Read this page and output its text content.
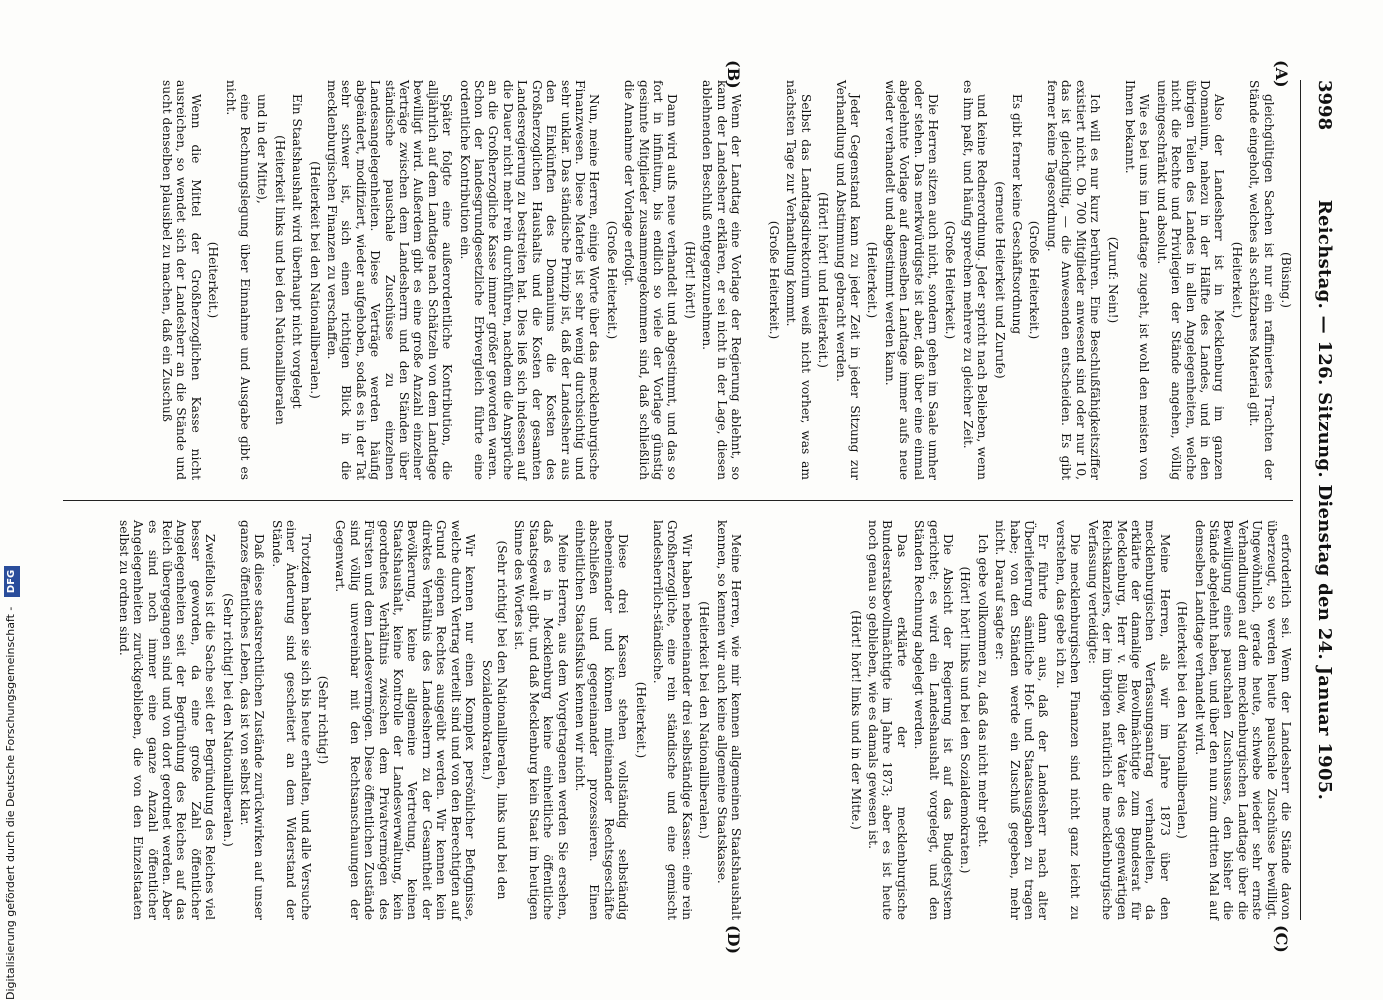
3998
Reichstag. — 126. Sitzung. Dienstag den 24. Januar 1905.
(A)
(B)
(C)
(D)

(Büsing.)

gleichgültigen Sachen ist nur ein raffiniertes Trachten der Stände eingeholt, welches als schätzbares Material gilt.

(Heiterkeit.)

Also der Landesherr ist in Mecklenburg im ganzen Domanium, nahezu in der Hälfte des Landes, und in den übrigen Teilen des Landes in allen Angelegenheiten, welche nicht die Rechte und Privilegien der Stände angehen, völlig uneingeschränkt und absolut.

Wie es bei uns im Landtage zugeht, ist wohl den meisten von Ihnen bekannt.

(Zuruf: Nein!)

Ich will es nur kurz berühren. Eine Beschlußfähigkeitsziffer existiert nicht. Ob 700 Mitglieder anwesend sind oder nur 10, das ist gleichgültig, — die Anwesenden entscheiden. Es gibt ferner keine Tagesordnung.

(Große Heiterkeit.)

Es gibt ferner keine Geschäftsordnung

(erneute Heiterkeit und Zurufe)

und keine Rednerordnung. Jeder spricht nach Belieben, wenn es ihm paßt, und häufig sprechen mehrere zu gleicher Zeit.

(Große Heiterkeit.)

Die Herren sitzen auch nicht, sondern gehen im Saale umher oder stehen. Das merkwürdigste ist aber, daß über eine einmal abgelehnte Vorlage auf demselben Landtage immer aufs neue wieder verhandelt und abgestimmt werden kann.

(Heiterkeit.)

Jeder Gegenstand kann zu jeder Zeit in jeder Sitzung zur Verhandlung und Abstimmung gebracht werden.

(Hört! hört! und Heiterkeit.)

Selbst das Landtagsdirektorium weiß nicht vorher, was am nächsten Tage zur Verhandlung kommt.

(Große Heiterkeit.)

erforderlich sei. Wenn der Landesherr die Stände davon überzeugt, so werden heute pauschale Zuschüsse bewilligt. Ungewöhnlich, gerade heute, schwebe wieder sehr ernste Verhandlungen auf dem mecklenburgischen Landtage über die Bewilligung eines pauschalen Zuschusses, den bisher die Stände abgelehnt haben, und über den nun zum dritten Mal auf demselben Landtage verhandelt wird.

(Heiterkeit bei den Nationalliberalen.)

Meine Herren, als wir im Jahre 1873 über den mecklenburgischen Verfassungsantrag verhandelten, da erklärte der damalige Bevollmächtigte zum Bundesrat für Mecklenburg, Herr v. Bülow, der Vater des gegenwärtigen Reichskanzlers, der im übrigen natürlich die mecklenburgische Verfassung verteidigte:

Die mecklenburgischen Finanzen sind nicht ganz leicht zu verstehen, das gebe ich zu.

Er führte dann aus, daß der Landesherr nach alter Überlieferung sämtliche Hof- und Staatsausgaben zu tragen habe; von den Ständen werde ein Zuschuß gegeben, mehr nicht. Darauf sagte er:

Ich gebe vollkommen zu, daß das nicht mehr geht.

(Hört! hört! links und bei den Sozialdemokraten.)

Die Absicht der Regierung ist auf das Budgetsystem gerichtet; es wird ein Landeshaushalt vorgelegt, und den Ständen Rechnung abgelegt werden.

Das erklärte der mecklenburgische Bundesratsbevollmächtigte im Jahre 1873; aber es ist heute noch genau so geblieben, wie es damals gewesen ist.

(Hört! hört! links und in der Mitte.)

Wenn der Landtag eine Vorlage der Regierung ablehnt, so kann der Landesherr erklären, er sei nicht in der Lage, diesen ablehnenden Beschluß entgegenzunehmen.

(Hört! hört!)

Dann wird aufs neue verhandelt und abgestimmt, und das so fort in infinitum, bis endlich so viele der Vorlage günstig gesinnte Mitglieder zusammengekommen sind, daß schließlich die Annahme der Vorlage erfolgt.

(Große Heiterkeit.)

Nun, meine Herren, einige Worte über das mecklenburgische Finanzwesen. Diese Materie ist sehr wenig durchsichtig und sehr unklar. Das ständische Prinzip ist, daß der Landesherr aus den Einkünften des Domaniums die Kosten des Großherzoglichen Haushalts und die Kosten der gesamten Landesregierung zu bestreiten hat. Dies ließ sich indessen auf die Dauer nicht mehr rein durchführen, nachdem die Ansprüche an die Großherzogliche Kasse immer größer geworden waren. Schon der landesgrundgesetzliche Erbvergleich führte eine ordentliche Kontribution ein.

Später folgte eine außerordentliche Kontribution, die alljährlich auf dem Landtage nach Schätzeln von dem Landtage bewilligt wird. Außerdem gibt es eine große Anzahl einzelner Verträge zwischen dem Landesherrn und den Ständen über ständische pauschale Zuschüsse zu einzelnen Landesangelegenheiten. Diese Verträge werden häufig abgeändert, modifiziert, wieder aufgehoben, sodaß es in der Tat sehr schwer ist, sich einen richtigen Blick in die mecklenburgischen Finanzen zu verschaffen.

(Heiterkeit bei den Nationalliberalen.)

Ein Staatshaushalt wird überhaupt nicht vorgelegt

(Heiterkeit links und bei den Nationalliberalen

und in der Mitte),

eine Rechnungslegung über Einnahme und Ausgabe gibt es nicht.

(Heiterkeit.)

Wenn die Mittel der Großherzoglichen Kasse nicht ausreichen, so wendet sich der Landesherr an die Stände und sucht denselben plausibel zu machen, daß ein Zuschuß

Meine Herren, wie mir kennen allgemeinen Staatshaushalt kennen, so kennen wir auch keine allgemeine Staatskasse.

(Heiterkeit bei den Nationalliberalen.)

Wir haben nebeneinander drei selbständige Kassen: eine rein Großherzogliche, eine rein ständische und eine gemischt landesherrlich-ständische.

(Heiterkeit.)

Diese drei Kassen stehen vollständig selbständig nebeneinander und können miteinander Rechtsgeschäfte abschließen und gegeneinander prozessieren. Einen einheitlichen Staatsfiskus kennen wir nicht.

Meine Herren, aus dem Vorgetragenen werden Sie ersehen, daß es in Mecklenburg keine einheitliche öffentliche Staatsgewalt gibt, und daß Mecklenburg kein Staat im heutigen Sinne des Wortes ist.

(Sehr richtig! bei den Nationalliberalen, links und bei den Sozialdemokraten.)

Wir kennen nur einen Komplex persönlicher Befugnisse, welche durch Vertrag verteilt sind und von den Berechtigten auf Grund eigenen Rechtes ausgeübt werden. Wir kennen kein direktes Verhältnis des Landesherrn zu der Gesamtheit der Bevölkerung, keine allgemeine Vertretung, keinen Staatshaushalt, keine Kontrolle der Landesverwaltung, kein geordnetes Verhältnis zwischen dem Privatvermögen des Fürsten und dem Landesvermögen. Diese öffentlichen Zustände sind völlig unvereinbar mit den Rechtsanschauungen der Gegenwart.

(Sehr richtig!)

Trotzdem haben sie sich bis heute erhalten, und alle Versuche einer Änderung sind gescheitert an dem Widerstand der Stände.

Daß diese staatsrechtlichen Zustände zurückwirken auf unser ganzes öffentliches Leben, das ist von selbst klar.

(Sehr richtig! bei den Nationalliberalen.)

Zweifellos ist die Sache seit der Begründung des Reiches viel besser geworden, da eine große Zahl öffentlicher Angelegenheiten seit der Begründung des Reiches auf das Reich übergegangen sind und von dort geordnet werden. Aber es sind noch immer eine ganze Anzahl öffentlicher Angelegenheiten zurückgeblieben, die von den Einzelstaaten selbst zu ordnen sind.

Digitalisierung gefördert durch die Deutsche Forschungsgemeinschaft - DFG
